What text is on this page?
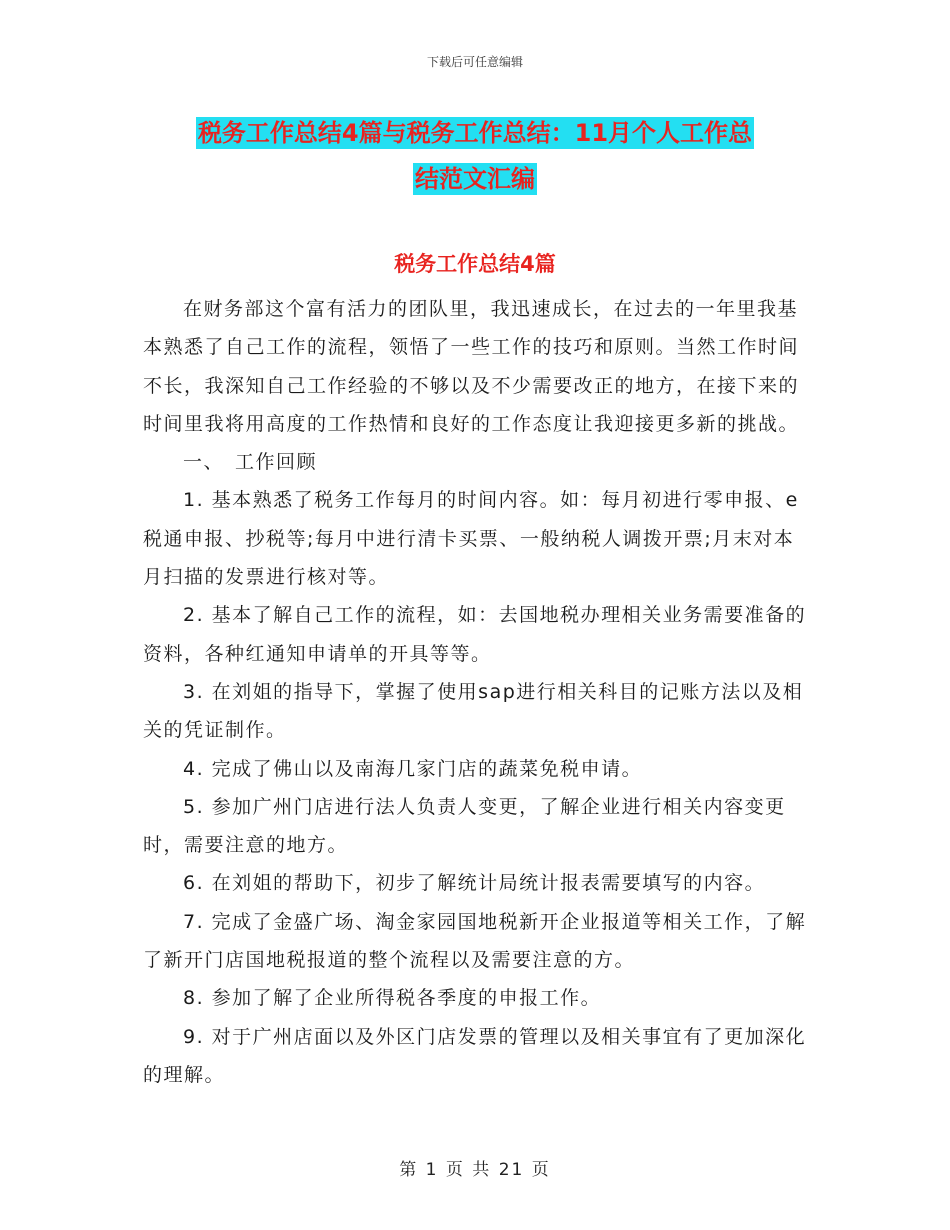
下载后可任意编辑
税务工作总结4篇与税务工作总结：11月个人工作总
结范文汇编
税务工作总结4篇

在财务部这个富有活力的团队里，我迅速成长，在过去的一年里我基本熟悉了自己工作的流程，领悟了一些工作的技巧和原则。当然工作时间不长，我深知自己工作经验的不够以及不少需要改正的地方，在接下来的时间里我将用高度的工作热情和良好的工作态度让我迎接更多新的挑战。

一、　工作回顾

1. 基本熟悉了税务工作每月的时间内容。如：每月初进行零申报、e税通申报、抄税等;每月中进行清卡买票、一般纳税人调拨开票;月末对本月扫描的发票进行核对等。

2. 基本了解自己工作的流程，如：去国地税办理相关业务需要准备的资料，各种红通知申请单的开具等等。

3. 在刘姐的指导下，掌握了使用sap进行相关科目的记账方法以及相关的凭证制作。

4. 完成了佛山以及南海几家门店的蔬菜免税申请。

5. 参加广州门店进行法人负责人变更，了解企业进行相关内容变更时，需要注意的地方。

6. 在刘姐的帮助下，初步了解统计局统计报表需要填写的内容。

7. 完成了金盛广场、淘金家园国地税新开企业报道等相关工作，了解了新开门店国地税报道的整个流程以及需要注意的方。

8. 参加了解了企业所得税各季度的申报工作。

9. 对于广州店面以及外区门店发票的管理以及相关事宜有了更加深化的理解。

第 1 页 共 21 页
